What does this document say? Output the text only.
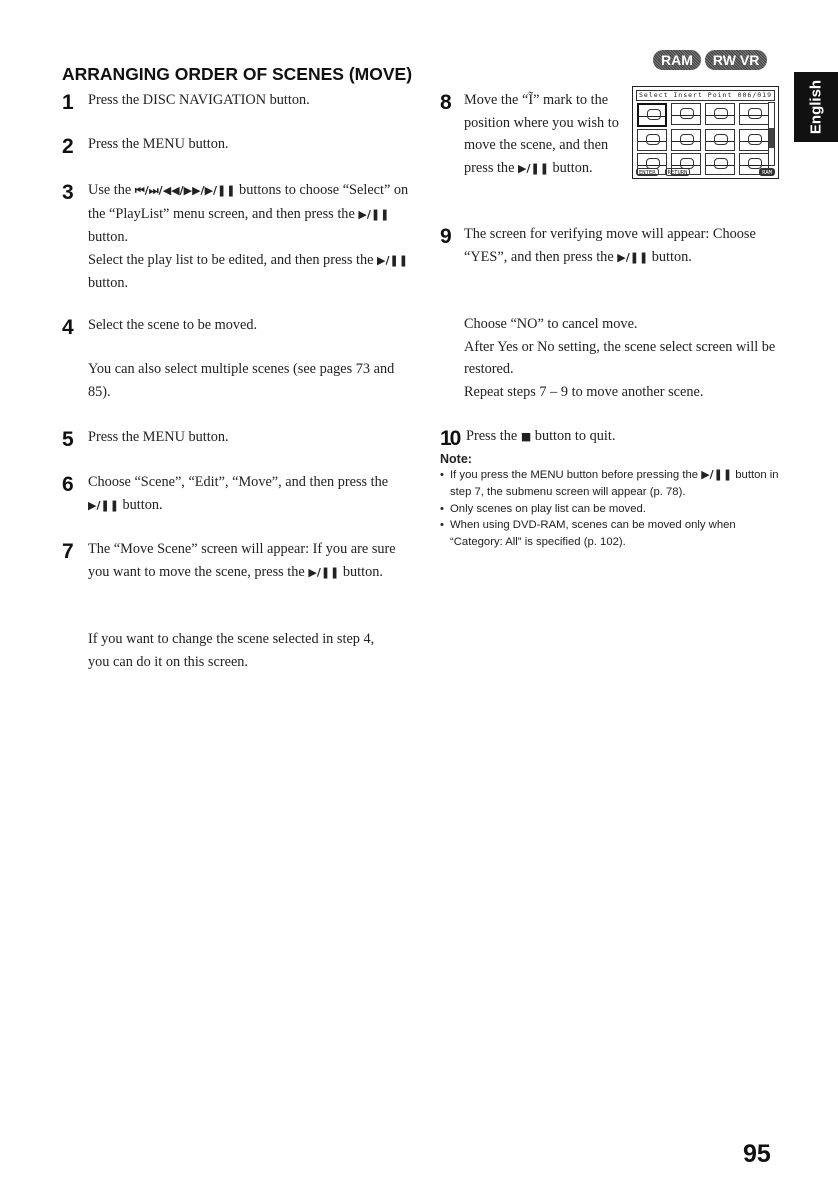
ARRANGING ORDER OF SCENES (MOVE)
RAM	RW VR
English
1 Press the DISC NAVIGATION button.
2 Press the MENU button.
3 Use the ⏮/⏭/◀◀/▶▶/▶/❚❚ buttons to choose “Select” on the “PlayList” menu screen, and then press the ▶/❚❚ button.
Select the play list to be edited, and then press the ▶/❚❚ button.
4 Select the scene to be moved.
You can also select multiple scenes (see pages 73 and 85).
5 Press the MENU button.
6 Choose “Scene”, “Edit”, “Move”, and then press the ▶/❚❚ button.
7 The “Move Scene” screen will appear: If you are sure you want to move the scene, press the ▶/❚❚ button.
If you want to change the scene selected in step 4, you can do it on this screen.
8 Move the “Ĩ” mark to the position where you wish to move the scene, and then press the ▶/❚❚ button.
Select Insert Point 006/019
ENTER	RETURN	RAM
9 The screen for verifying move will appear: Choose “YES”, and then press the ▶/❚❚ button.
Choose “NO” to cancel move.
After Yes or No setting, the scene select screen will be restored.
Repeat steps 7 – 9 to move another scene.
10 Press the ■ button to quit.
Note:
• If you press the MENU button before pressing the ▶/❚❚ button in step 7, the submenu screen will appear (p. 78).
• Only scenes on play list can be moved.
• When using DVD-RAM, scenes can be moved only when “Category: All” is specified (p. 102).
95
